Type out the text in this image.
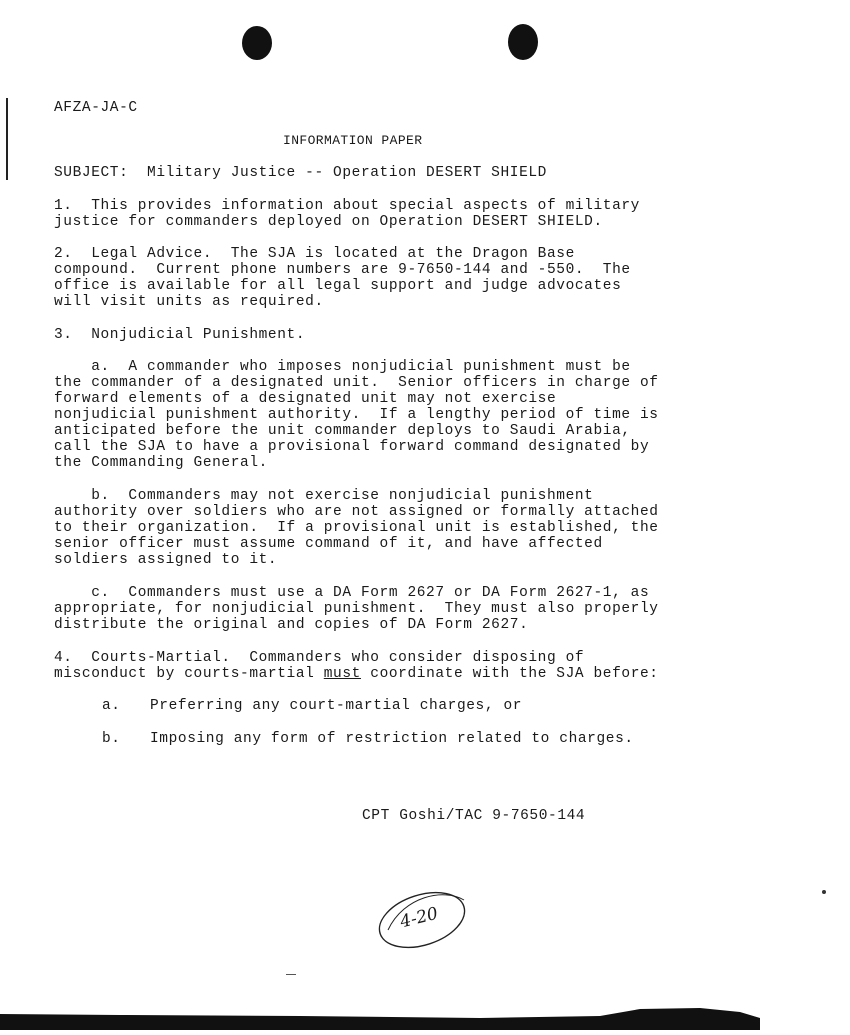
AFZA-JA-C

INFORMATION PAPER

SUBJECT:  Military Justice -- Operation DESERT SHIELD

1.  This provides information about special aspects of military

justice for commanders deployed on Operation DESERT SHIELD.

2.  Legal Advice.  The SJA is located at the Dragon Base

compound.  Current phone numbers are 9-7650-144 and -550.  The

office is available for all legal support and judge advocates

will visit units as required.

3.  Nonjudicial Punishment.

a.  A commander who imposes nonjudicial punishment must be

the commander of a designated unit.  Senior officers in charge of

forward elements of a designated unit may not exercise

nonjudicial punishment authority.  If a lengthy period of time is

anticipated before the unit commander deploys to Saudi Arabia,

call the SJA to have a provisional forward command designated by

the Commanding General.

b.  Commanders may not exercise nonjudicial punishment

authority over soldiers who are not assigned or formally attached

to their organization.  If a provisional unit is established, the

senior officer must assume command of it, and have affected

soldiers assigned to it.

c.  Commanders must use a DA Form 2627 or DA Form 2627-1, as

appropriate, for nonjudicial punishment.  They must also properly

distribute the original and copies of DA Form 2627.

4.  Courts-Martial.  Commanders who consider disposing of

misconduct by courts-martial must coordinate with the SJA before:

a. Preferring any court-martial charges, or

b. Imposing any form of restriction related to charges.

CPT Goshi/TAC 9-7650-144

4-20
